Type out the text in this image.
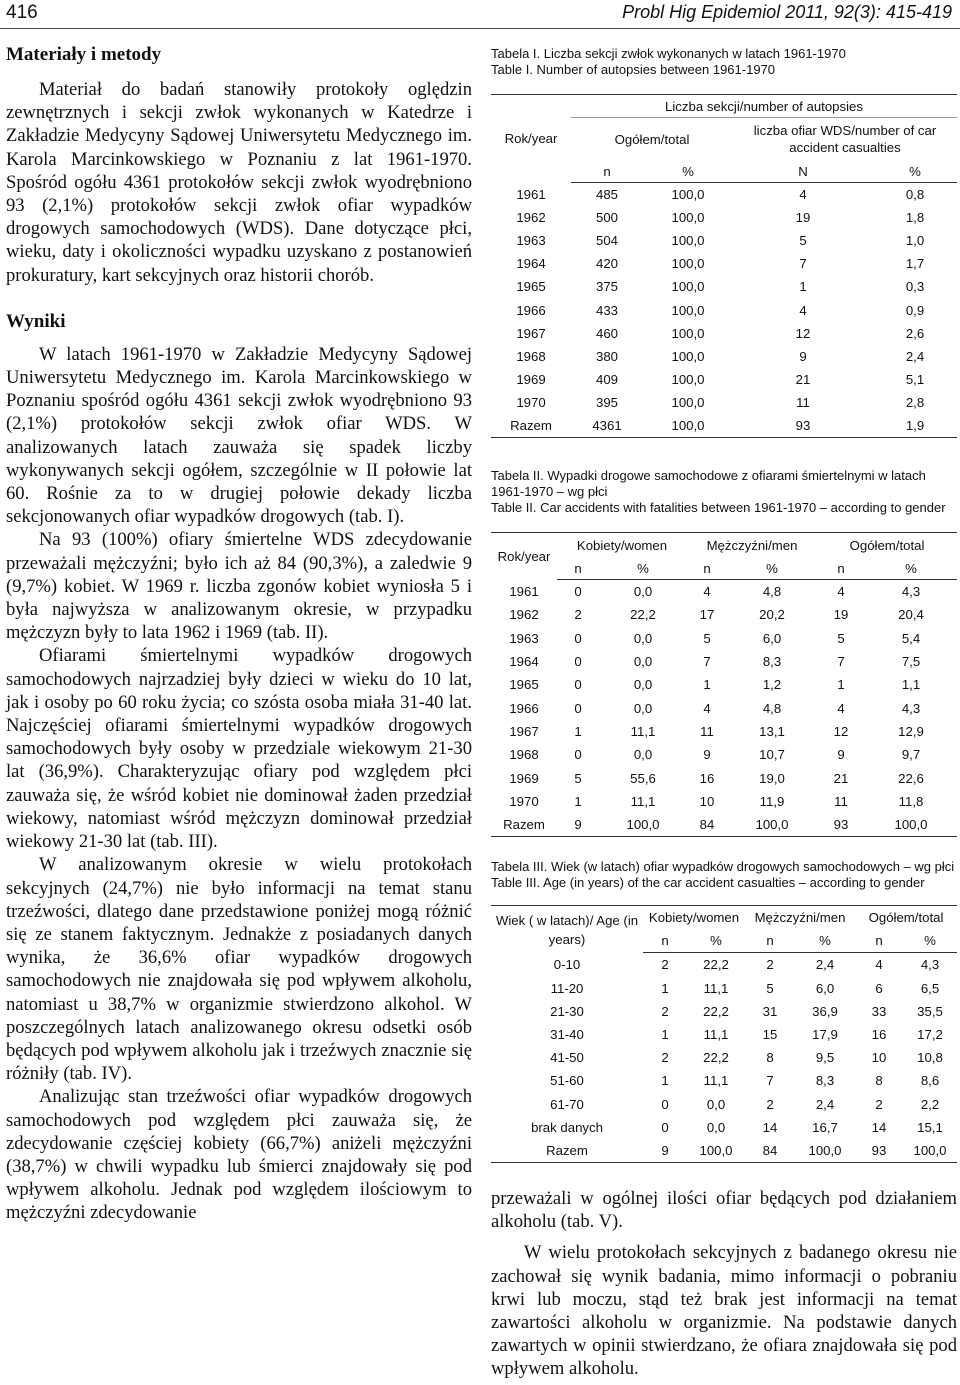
416	Probl Hig Epidemiol 2011, 92(3): 415-419
Materiały i metody

Materiał do badań stanowiły protokoły oględzin zewnętrznych i sekcji zwłok wykonanych w Katedrze i Zakładzie Medycyny Sądowej Uniwersytetu Medycznego im. Karola Marcinkowskiego w Poznaniu z lat 1961-1970. Spośród ogółu 4361 protokołów sekcji zwłok wyodrębniono 93 (2,1%) protokołów sekcji zwłok ofiar wypadków drogowych samochodowych (WDS). Dane dotyczące płci, wieku, daty i okoliczności wypadku uzyskano z postanowień prokuratury, kart sekcyjnych oraz historii chorób.

Wyniki

W latach 1961-1970 w Zakładzie Medycyny Sądowej Uniwersytetu Medycznego im. Karola Marcinkowskiego w Poznaniu spośród ogółu 4361 sekcji zwłok wyodrębniono 93 (2,1%) protokołów sekcji zwłok ofiar WDS. W analizowanych latach zauważa się spadek liczby wykonywanych sekcji ogółem, szczególnie w II połowie lat 60. Rośnie za to w drugiej połowie dekady liczba sekcjonowanych ofiar wypadków drogowych (tab. I).

Na 93 (100%) ofiary śmiertelne WDS zdecydowanie przeważali mężczyźni; było ich aż 84 (90,3%), a zaledwie 9 (9,7%) kobiet. W 1969 r. liczba zgonów kobiet wyniosła 5 i była najwyższa w analizowanym okresie, w przypadku mężczyzn były to lata 1962 i 1969 (tab. II).

Ofiarami śmiertelnymi wypadków drogowych samochodowych najrzadziej były dzieci w wieku do 10 lat, jak i osoby po 60 roku życia; co szósta osoba miała 31-40 lat. Najczęściej ofiarami śmiertelnymi wypadków drogowych samochodowych były osoby w przedziale wiekowym 21-30 lat (36,9%). Charakteryzując ofiary pod względem płci zauważa się, że wśród kobiet nie dominował żaden przedział wiekowy, natomiast wśród mężczyzn dominował przedział wiekowy 21-30 lat (tab. III).

W analizowanym okresie w wielu protokołach sekcyjnych (24,7%) nie było informacji na temat stanu trzeźwości, dlatego dane przedstawione poniżej mogą różnić się ze stanem faktycznym. Jednakże z posiadanych danych wynika, że 36,6% ofiar wypadków drogowych samochodowych nie znajdowała się pod wpływem alkoholu, natomiast u 38,7% w organizmie stwierdzono alkohol. W poszczególnych latach analizowanego okresu odsetki osób będących pod wpływem alkoholu jak i trzeźwych znacznie się różniły (tab. IV).

Analizując stan trzeźwości ofiar wypadków drogowych samochodowych pod względem płci zauważa się, że zdecydowanie częściej kobiety (66,7%) aniżeli mężczyźni (38,7%) w chwili wypadku lub śmierci znajdowały się pod wpływem alkoholu. Jednak pod względem ilościowym to mężczyźni zdecydowanie

Tabela I. Liczba sekcji zwłok wykonanych w latach 1961-1970

Table I. Number of autopsies between 1961-1970

Rok/year	Liczba sekcji/number of autopsies			
	Ogółem/total		liczba ofiar WDS/number of car accident casualties	
	n	%	N	%
1961	485	100,0	4	0,8
1962	500	100,0	19	1,8
1963	504	100,0	5	1,0
1964	420	100,0	7	1,7
1965	375	100,0	1	0,3
1966	433	100,0	4	0,9
1967	460	100,0	12	2,6
1968	380	100,0	9	2,4
1969	409	100,0	21	5,1
1970	395	100,0	11	2,8
Razem	4361	100,0	93	1,9

Tabela II. Wypadki drogowe samochodowe z ofiarami śmiertelnymi w latach 1961-1970 – wg płci

Table II. Car accidents with fatalities between 1961-1970 – according to gender

Rok/year	Kobiety/women		Mężczyźni/men		Ogółem/total	
	n	%	n	%	n	%
1961	0	0,0	4	4,8	4	4,3
1962	2	22,2	17	20,2	19	20,4
1963	0	0,0	5	6,0	5	5,4
1964	0	0,0	7	8,3	7	7,5
1965	0	0,0	1	1,2	1	1,1
1966	0	0,0	4	4,8	4	4,3
1967	1	11,1	11	13,1	12	12,9
1968	0	0,0	9	10,7	9	9,7
1969	5	55,6	16	19,0	21	22,6
1970	1	11,1	10	11,9	11	11,8
Razem	9	100,0	84	100,0	93	100,0

Tabela III. Wiek (w latach) ofiar wypadków drogowych samochodowych – wg płci

Table III. Age (in years) of the car accident casualties – according to gender

Wiek ( w latach)/ Age (in years)	Kobiety/women		Mężczyźni/men		Ogółem/total	
	n	%	n	%	n	%
0-10	2	22,2	2	2,4	4	4,3
11-20	1	11,1	5	6,0	6	6,5
21-30	2	22,2	31	36,9	33	35,5
31-40	1	11,1	15	17,9	16	17,2
41-50	2	22,2	8	9,5	10	10,8
51-60	1	11,1	7	8,3	8	8,6
61-70	0	0,0	2	2,4	2	2,2
brak danych	0	0,0	14	16,7	14	15,1
Razem	9	100,0	84	100,0	93	100,0

przeważali w ogólnej ilości ofiar będących pod działaniem alkoholu (tab. V).

W wielu protokołach sekcyjnych z badanego okresu nie zachował się wynik badania, mimo informacji o pobraniu krwi lub moczu, stąd też brak jest informacji na temat zawartości alkoholu w organizmie. Na podstawie danych zawartych w opinii stwierdzano, że ofiara znajdowała się pod wpływem alkoholu.
